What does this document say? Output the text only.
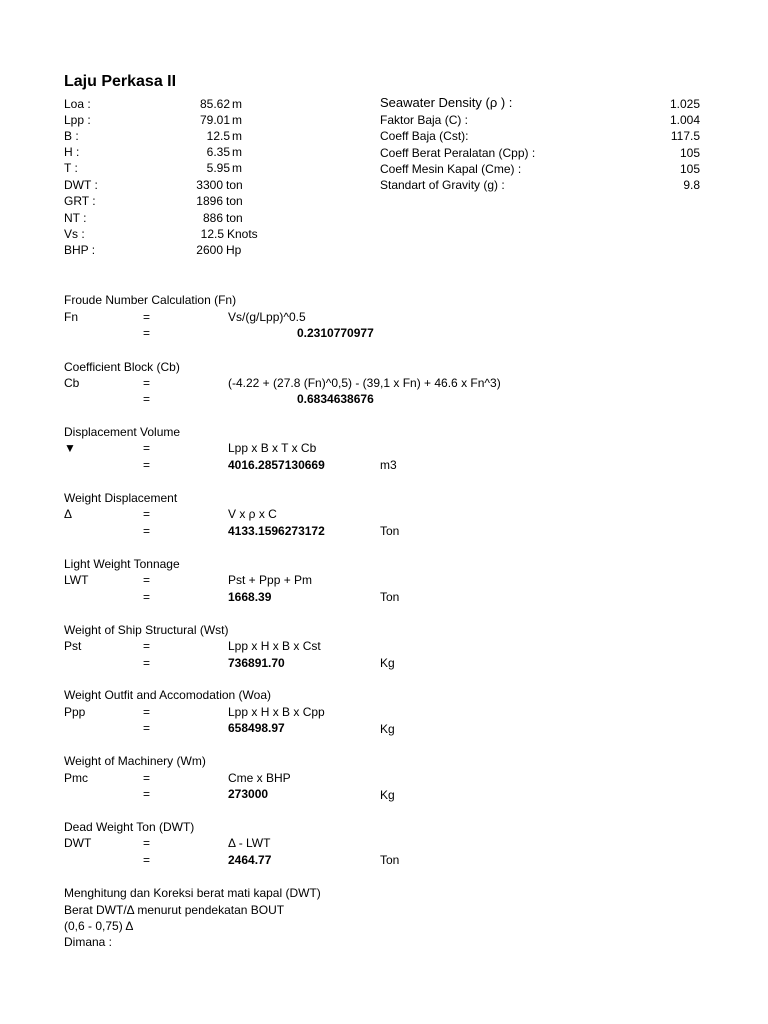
Laju Perkasa II
Loa :	85.62 m
Lpp :	79.01 m
B :	12.5 m
H :	6.35 m
T :	5.95 m
DWT :	3300 ton
GRT :	1896 ton
NT :	886 ton
Vs :	12.5 Knots
BHP :	2600 Hp
Seawater Density (ρ ) :	1.025
Faktor Baja (C) :	1.004
Coeff Baja (Cst):	117.5
Coeff Berat Peralatan (Cpp) :	105
Coeff Mesin Kapal (Cme) :	105
Standart of Gravity (g) :	9.8
Froude Number Calculation (Fn)
Fn	=	Vs/(g/Lpp)^0.5
=	0.2310770977
Coefficient Block (Cb)
Cb	=	(-4.22 + (27.8 (Fn)^0,5) - (39,1 x Fn) + 46.6 x Fn^3)
=	0.6834638676
Displacement Volume
▼	=	Lpp x B x T x Cb
=	4016.2857130669	m3
Weight Displacement
Δ	=	V x ρ x C
=	4133.1596273172	Ton
Light Weight Tonnage
LWT	=	Pst + Ppp + Pm
=	1668.39	Ton
Weight of Ship Structural (Wst)
Pst	=	Lpp x H x B x Cst
=	736891.70	Kg
Weight Outfit and Accomodation (Woa)
Ppp	=	Lpp x H x B x Cpp
=	658498.97	Kg
Weight of Machinery (Wm)
Pmc	=	Cme x BHP
=	273000	Kg
Dead Weight Ton (DWT)
DWT	=	Δ - LWT
=	2464.77	Ton
Menghitung dan Koreksi berat mati kapal (DWT)
Berat DWT/Δ menurut pendekatan BOUT
(0,6 - 0,75) Δ
Dimana :
